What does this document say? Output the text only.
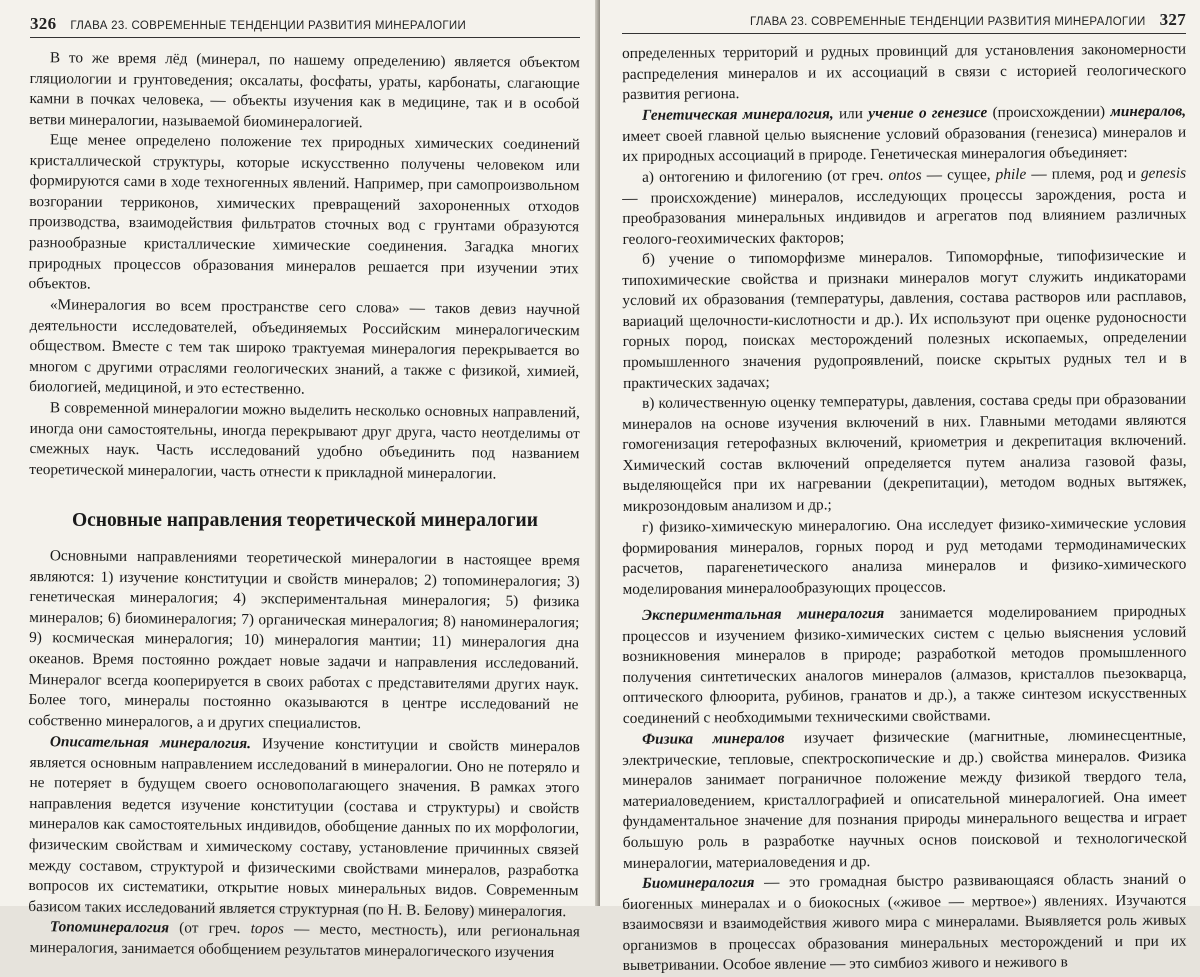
326 ГЛАВА 23. СОВРЕМЕННЫЕ ТЕНДЕНЦИИ РАЗВИТИЯ МИНЕРАЛОГИИ

В то же время лёд (минерал, по нашему определению) является объектом гляциологии и грунтоведения; оксалаты, фосфаты, ураты, карбонаты, слагающие камни в почках человека, — объекты изучения как в медицине, так и в особой ветви минералогии, называемой биоминералогией.

Еще менее определено положение тех природных химических соединений кристаллической структуры, которые искусственно получены человеком или формируются сами в ходе техногенных явлений. Например, при самопроизвольном возгорании терриконов, химических превращений захороненных отходов производства, взаимодействия фильтратов сточных вод с грунтами образуются разнообразные кристаллические химические соединения. Загадка многих природных процессов образования минералов решается при изучении этих объектов.

«Минералогия во всем пространстве сего слова» — таков девиз научной деятельности исследователей, объединяемых Российским минералогическим обществом. Вместе с тем так широко трактуемая минералогия перекрывается во многом с другими отраслями геологических знаний, а также с физикой, химией, биологией, медициной, и это естественно.

В современной минералогии можно выделить несколько основных направлений, иногда они самостоятельны, иногда перекрывают друг друга, часто неотделимы от смежных наук. Часть исследований удобно объединить под названием теоретической минералогии, часть отнести к прикладной минералогии.

Основные направления теоретической минералогии

Основными направлениями теоретической минералогии в настоящее время являются: 1) изучение конституции и свойств минералов; 2) топоминералогия; 3) генетическая минералогия; 4) экспериментальная минералогия; 5) физика минералов; 6) биоминералогия; 7) органическая минералогия; 8) наноминералогия; 9) космическая минералогия; 10) минералогия мантии; 11) минералогия дна океанов. Время постоянно рождает новые задачи и направления исследований. Минералог всегда кооперируется в своих работах с представителями других наук. Более того, минералы постоянно оказываются в центре исследований не собственно минералогов, а и других специалистов.

Описательная минералогия. Изучение конституции и свойств минералов является основным направлением исследований в минералогии. Оно не потеряло и не потеряет в будущем своего основополагающего значения. В рамках этого направления ведется изучение конституции (состава и структуры) и свойств минералов как самостоятельных индивидов, обобщение данных по их морфологии, физическим свойствам и химическому составу, установление причинных связей между составом, структурой и физическими свойствами минералов, разработка вопросов их систематики, открытие новых минеральных видов. Современным базисом таких исследований является структурная (по Н. В. Белову) минералогия.

Топоминералогия (от греч. topos — место, местность), или региональная минералогия, занимается обобщением результатов минералогического изучения

ГЛАВА 23. СОВРЕМЕННЫЕ ТЕНДЕНЦИИ РАЗВИТИЯ МИНЕРАЛОГИИ 327

определенных территорий и рудных провинций для установления закономерности распределения минералов и их ассоциаций в связи с историей геологического развития региона.

Генетическая минералогия, или учение о генезисе (происхождении) минералов, имеет своей главной целью выяснение условий образования (генезиса) минералов и их природных ассоциаций в природе. Генетическая минералогия объединяет:

а) онтогению и филогению (от греч. ontos — сущее, phile — племя, род и genesis — происхождение) минералов, исследующих процессы зарождения, роста и преобразования минеральных индивидов и агрегатов под влиянием различных геолого-геохимических факторов;

б) учение о типоморфизме минералов. Типоморфные, типофизические и типохимические свойства и признаки минералов могут служить индикаторами условий их образования (температуры, давления, состава растворов или расплавов, вариаций щелочности-кислотности и др.). Их используют при оценке рудоносности горных пород, поисках месторождений полезных ископаемых, определении промышленного значения рудопроявлений, поиске скрытых рудных тел и в практических задачах;

в) количественную оценку температуры, давления, состава среды при образовании минералов на основе изучения включений в них. Главными методами являются гомогенизация гетерофазных включений, криометрия и декрепитация включений. Химический состав включений определяется путем анализа газовой фазы, выделяющейся при их нагревании (декрепитации), методом водных вытяжек, микрозондовым анализом и др.;

г) физико-химическую минералогию. Она исследует физико-химические условия формирования минералов, горных пород и руд методами термодинамических расчетов, парагенетического анализа минералов и физико-химического моделирования минералообразующих процессов.

Экспериментальная минералогия занимается моделированием природных процессов и изучением физико-химических систем с целью выяснения условий возникновения минералов в природе; разработкой методов промышленного получения синтетических аналогов минералов (алмазов, кристаллов пьезокварца, оптического флюорита, рубинов, гранатов и др.), а также синтезом искусственных соединений с необходимыми техническими свойствами.

Физика минералов изучает физические (магнитные, люминесцентные, электрические, тепловые, спектроскопические и др.) свойства минералов. Физика минералов занимает пограничное положение между физикой твердого тела, материаловедением, кристаллографией и описательной минералогией. Она имеет фундаментальное значение для познания природы минерального вещества и играет большую роль в разработке научных основ поисковой и технологической минералогии, материаловедения и др.

Биоминералогия — это громадная быстро развивающаяся область знаний о биогенных минералах и о биокосных («живое — мертвое») явлениях. Изучаются взаимосвязи и взаимодействия живого мира с минералами. Выявляется роль живых организмов в процессах образования минеральных месторождений и при их выветривании. Особое явление — это симбиоз живого и неживого в
